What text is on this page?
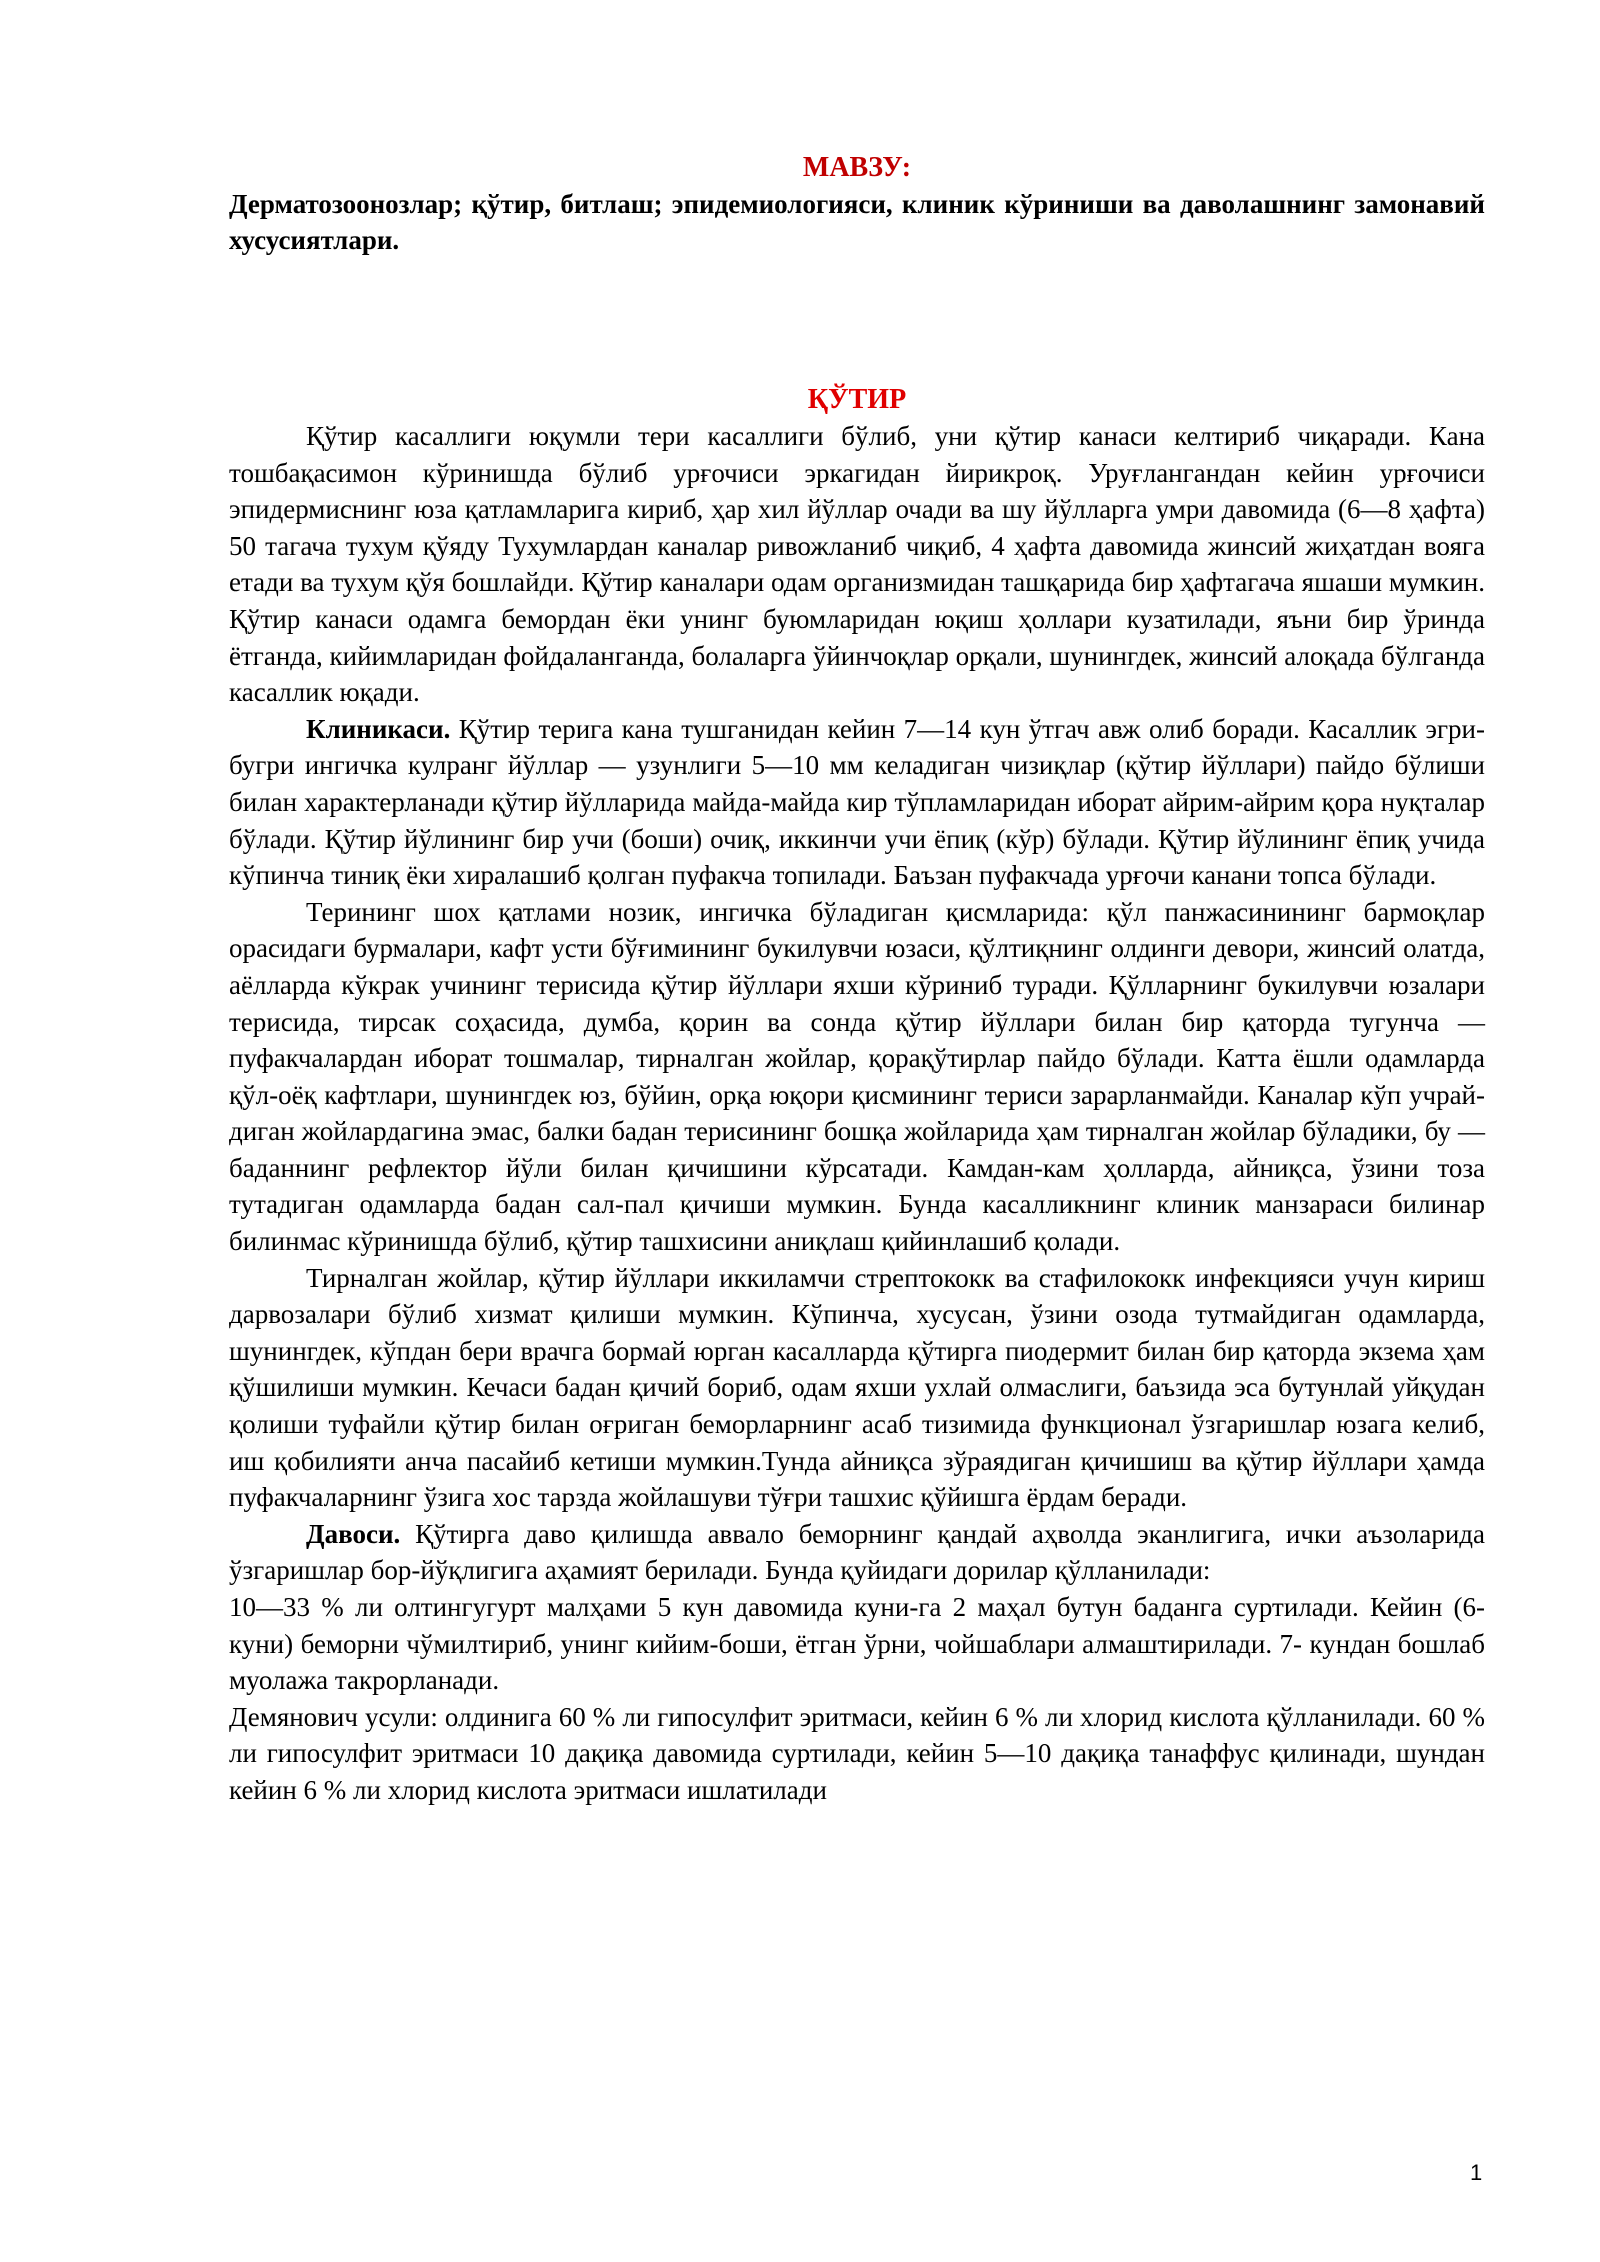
МАВЗУ:

Дерматозоонозлар; қўтир, битлаш; эпидемиологияси, клиник кўриниши ва даволашнинг замонавий хусусиятлари.

ҚЎТИР

Қўтир касаллиги юқумли тери касаллиги бўлиб, уни қўтир канаси келтириб чиқаради. Кана тошбақасимон кўринишда бўлиб урғочиси эркагидан йирикроқ. Уруғлангандан кейин урғочиси эпидермиснинг юза қатламларига кириб, ҳар хил йўллар очади ва шу йўлларга умри давомида (6—8 ҳафта) 50 тагача тухум қўяду Тухумлардан каналар ривожланиб чиқиб, 4 ҳафта давомида жинсий жиҳатдан вояга етади ва тухум қўя бошлайди. Қўтир каналари одам организмидан ташқарида бир ҳафтагача яшаши мумкин. Қўтир канаси одамга бемордан ёки унинг буюмларидан юқиш ҳоллари кузатилади, яъни бир ўринда ётганда, кийимларидан фойдаланганда, болаларга ўйинчоқлар орқали, шунингдек, жинсий алоқада бўлганда касаллик юқади.

Клиникаси. Қўтир терига кана тушганидан кейин 7—14 кун ўтгач авж олиб боради. Касаллик эгри-бугри ингичка кулранг йўллар — узунлиги 5—10 мм келадиган чизиқлар (қўтир йўллари) пайдо бўлиши билан характерланади қўтир йўлларида майда-майда кир тўпламларидан иборат айрим-айрим қора нуқталар бўлади. Қўтир йўлининг бир учи (боши) очиқ, иккинчи учи ёпиқ (кўр) бўлади. Қўтир йўлининг ёпиқ учида кўпинча тиниқ ёки хиралашиб қолган пуфакча топилади. Баъзан пуфакчада урғочи канани топса бўлади.

Терининг шох қатлами нозик, ингичка бўладиган қисмларида: қўл панжасинининг бармоқлар орасидаги бурмалари, кафт усти бўғимининг букилувчи юзаси, қўлтиқнинг олдинги девори, жинсий олатда, аёлларда кўкрак учининг терисида қўтир йўллари яхши кўриниб туради. Қўлларнинг букилувчи юзалари терисида, тирсак соҳасида, думба, қорин ва сонда қўтир йўллари билан бир қаторда тугунча — пуфакчалардан иборат тошмалар, тирналган жойлар, қорақўтирлар пайдо бўлади. Катта ёшли одамларда қўл-оёқ кафтлари, шунингдек юз, бўйин, орқа юқори қисмининг териси зарарланмайди. Каналар кўп учрай-диган жойлардагина эмас, балки бадан терисининг бошқа жойларида ҳам тирналган жойлар бўладики, бу — баданнинг рефлектор йўли билан қичишини кўрсатади. Камдан-кам ҳолларда, айниқса, ўзини тоза тутадиган одамларда бадан сал-пал қичиши мумкин. Бунда касалликнинг клиник манзараси билинар билинмас кўринишда бўлиб, қўтир ташхисини аниқлаш қийинлашиб қолади.

Тирналган жойлар, қўтир йўллари иккиламчи стрептококк ва стафилококк инфекцияси учун кириш дарвозалари бўлиб хизмат қилиши мумкин. Кўпинча, хусусан, ўзини озода тутмайдиган одамларда, шунингдек, кўпдан бери врачга бормай юрган касалларда қўтирга пиодермит билан бир қаторда экзема ҳам қўшилиши мумкин. Кечаси бадан қичий бориб, одам яхши ухлай олмаслиги, баъзида эса бутунлай уйқудан қолиши туфайли қўтир билан оғриган беморларнинг асаб тизимида функционал ўзгаришлар юзага келиб, иш қобилияти анча пасайиб кетиши мумкин.Тунда айниқса зўраядиган қичишиш ва қўтир йўллари ҳамда пуфакчаларнинг ўзига хос тарзда жойлашуви тўғри ташхис қўйишга ёрдам беради.

Давоси. Қўтирга даво қилишда аввало беморнинг қандай аҳволда эканлигига, ички аъзоларида ўзгаришлар бор-йўқлигига аҳамият берилади. Бунда қуйидаги дорилар қўлланилади:

10—33 % ли олтингугурт малҳами 5 кун давомида куни-га 2 маҳал бутун баданга суртилади. Кейин (6- куни) беморни чўмилтириб, унинг кийим-боши, ётган ўрни, чойшаблари алмаштирилади. 7- кундан бошлаб муолажа такрорланади.

Демянович усули: олдинига 60 % ли гипосулфит эритмаси, кейин 6 % ли хлорид кислота қўлланилади. 60 % ли гипосулфит эритмаси 10 дақиқа давомида суртилади, кейин 5—10 дақиқа танаффус қилинади, шундан кейин 6 % ли хлорид кислота эритмаси ишлатилади

1
